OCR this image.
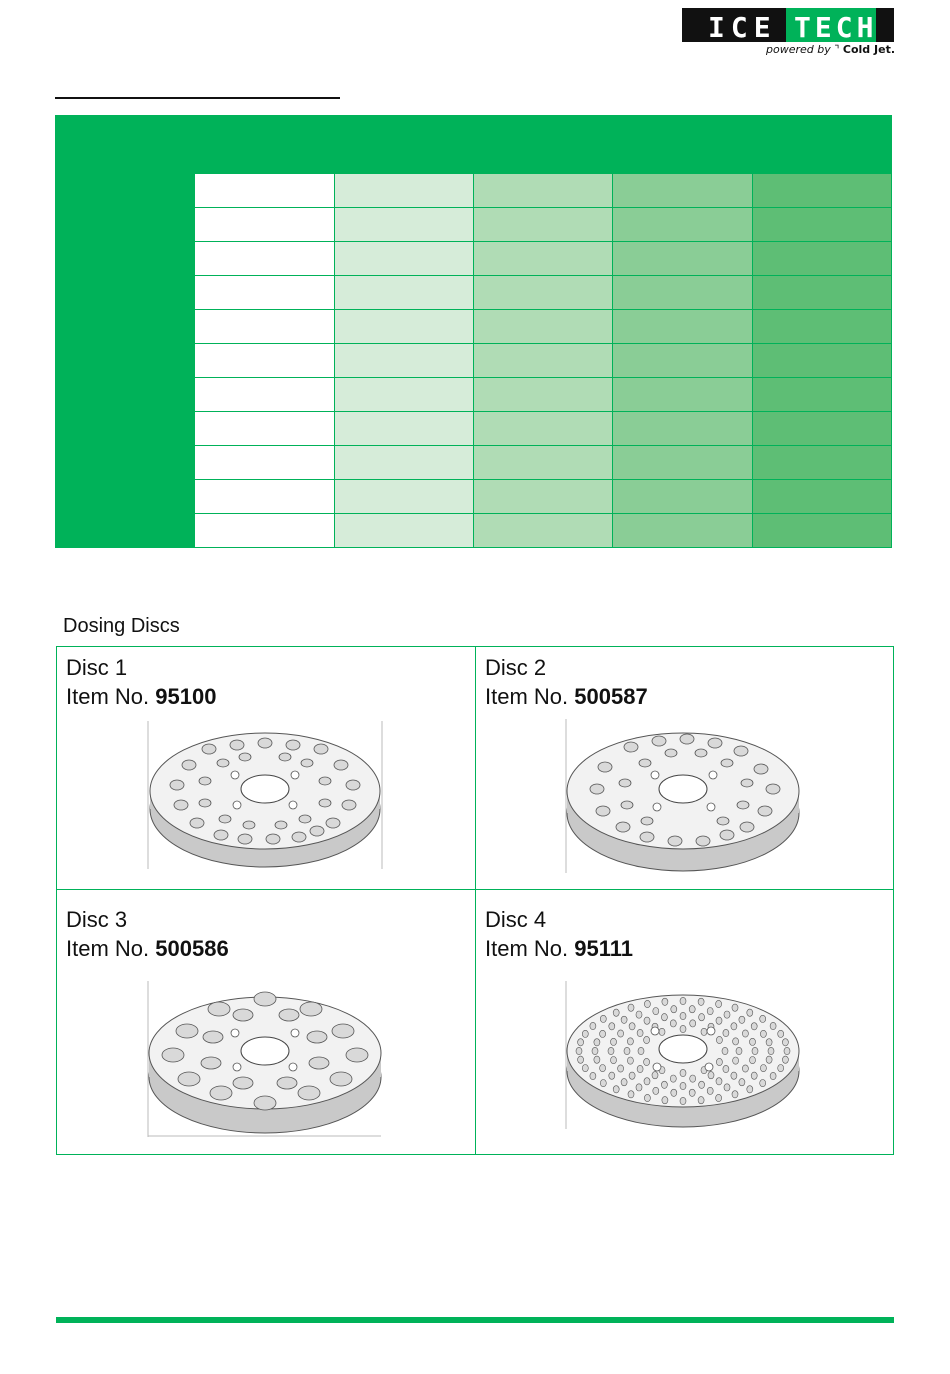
ICE TECH
powered by ⌝ Cold Jet.

Dosing Discs
Disc 1
Item No. 95100
Disc 2
Item No. 500587
Disc 3
Item No. 500586
Disc 4
Item No. 95111
